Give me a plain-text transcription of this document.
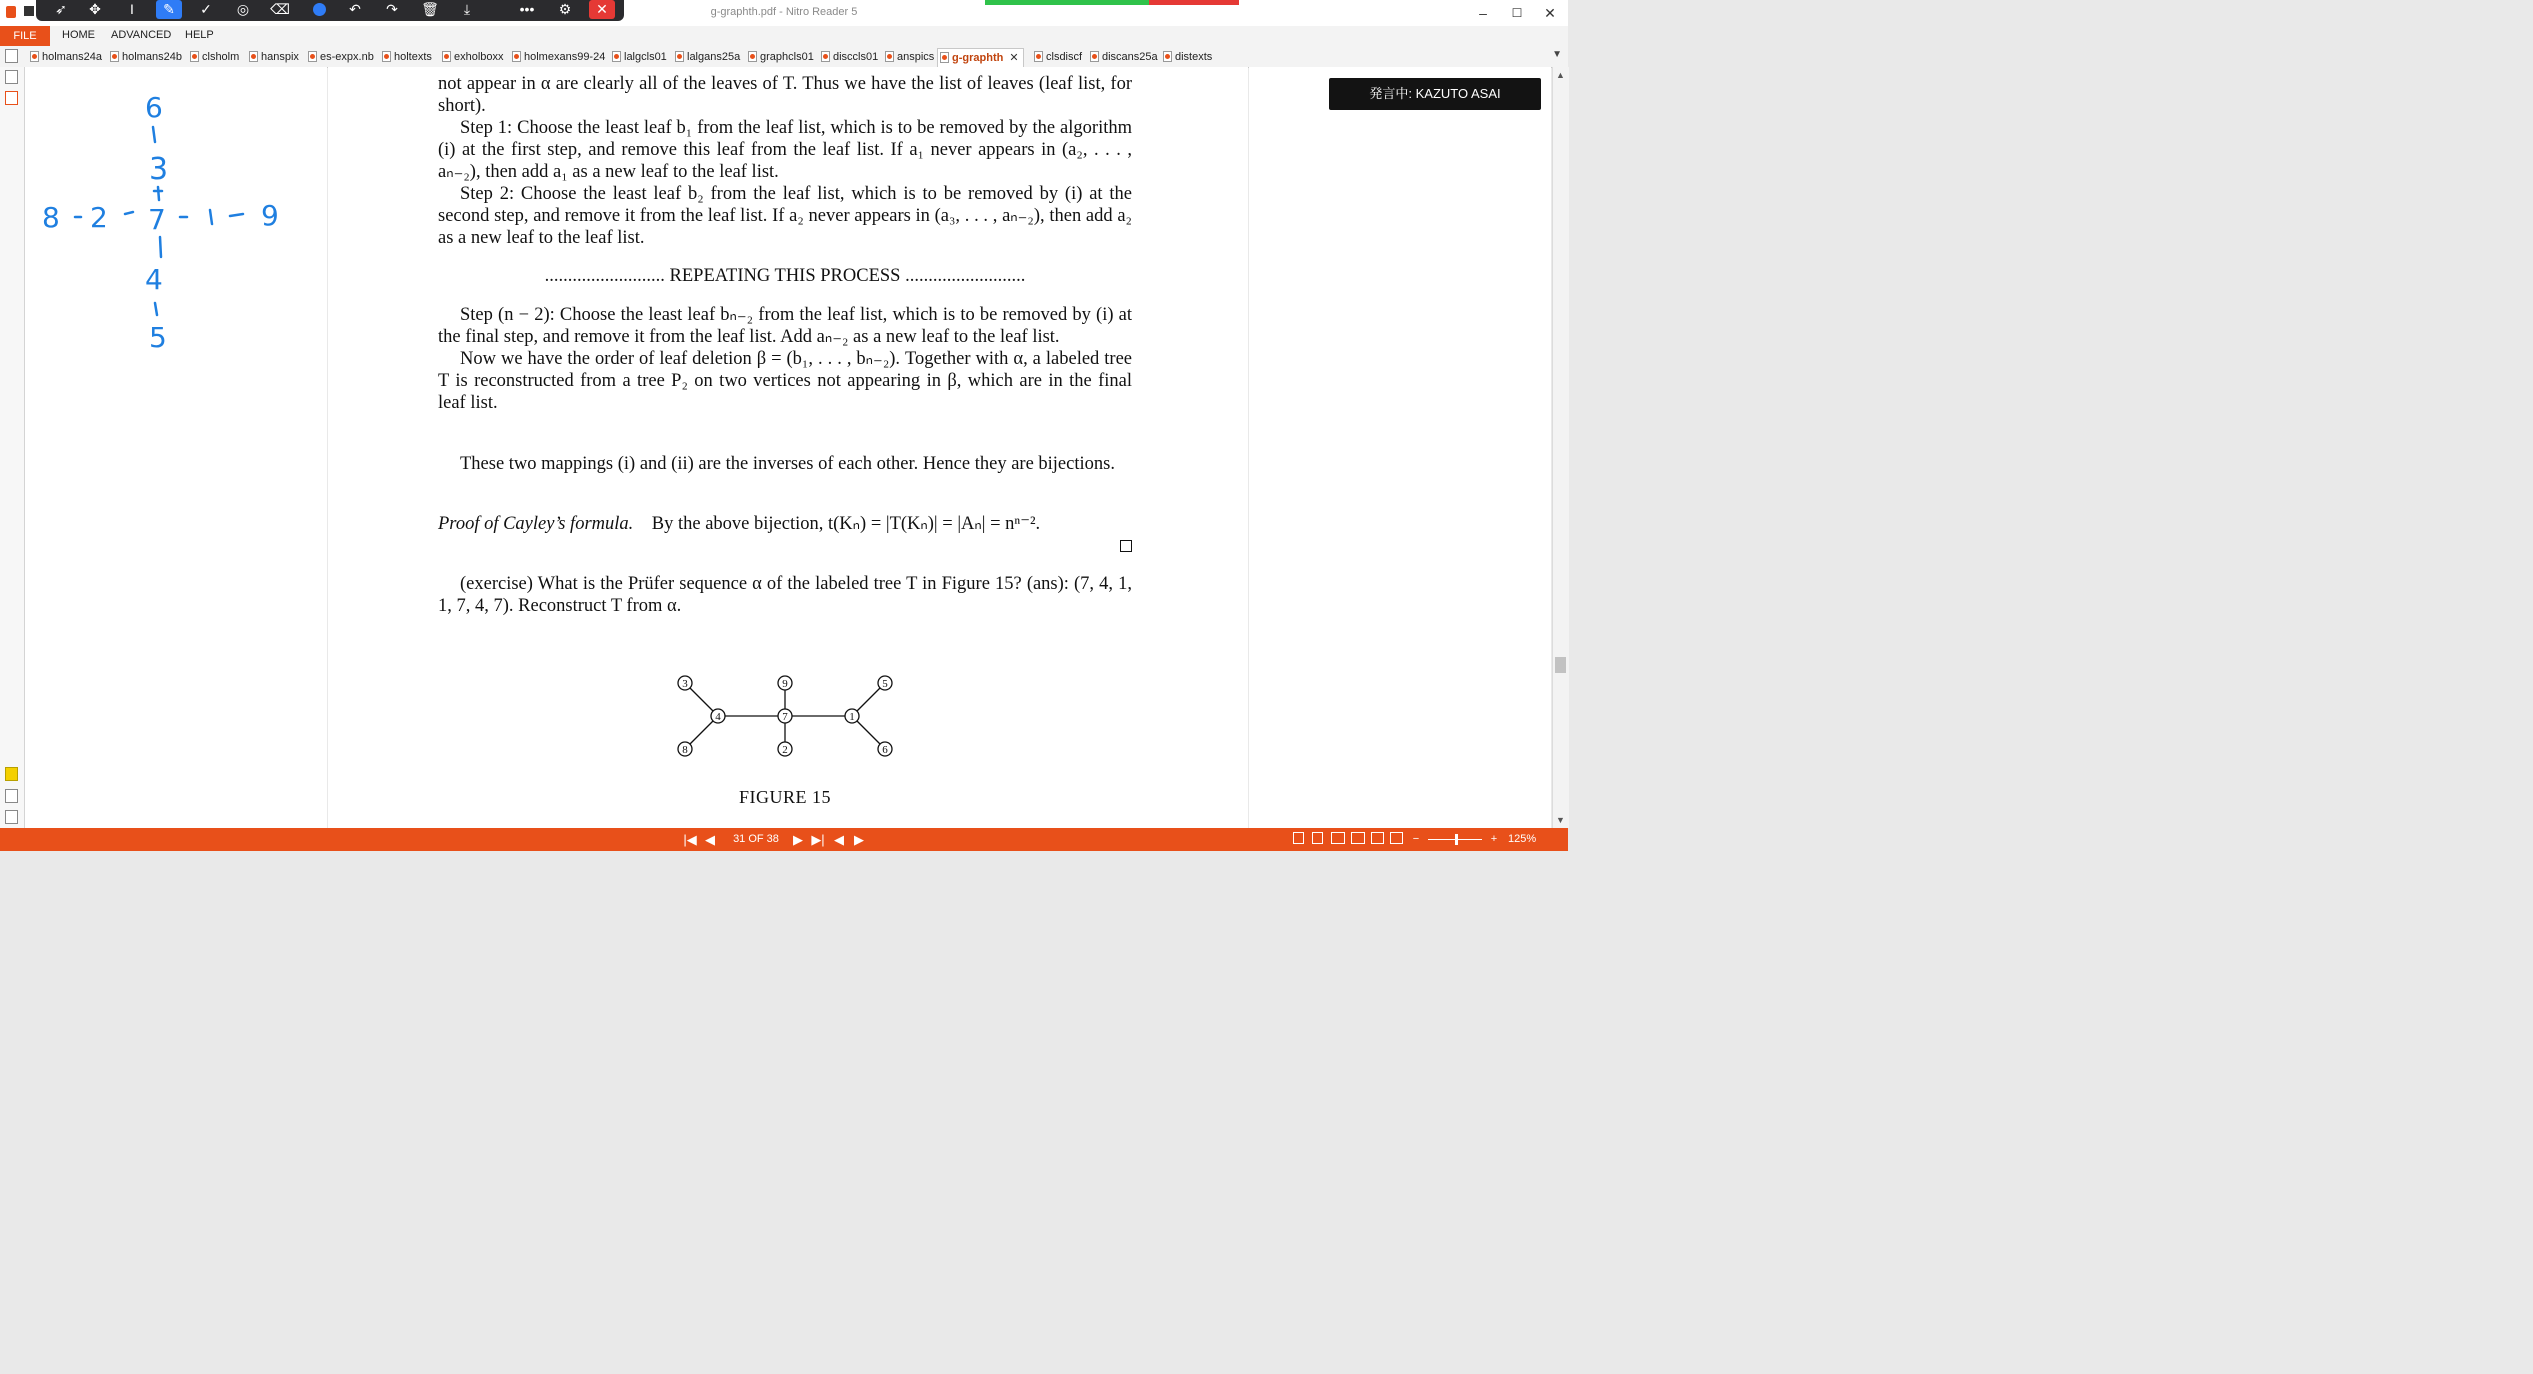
g-graphth.pdf - Nitro Reader 5	–	☐	✕
➶	✥	I	✎	✓	◎	⌫	↶	↷	🗑	⤓	•••	⚙	✕
FILE	HOME ADVANCED HELP
holmans24a	holmans24b	clsholm	hanspix	es-expx.nb	holtexts	exholboxx	holmexans99-24	lalgcls01	lalgans25a	graphcls01	disccls01	anspics	g-graphth ✕	clsdiscf	discans25a	distexts	▼
6
3
8 2 7	9
4
5

not appear in α are clearly all of the leaves of T. Thus we have the list of leaves (leaf list, for short).

Step 1: Choose the least leaf b₁ from the leaf list, which is to be removed by the algorithm (i) at the first step, and remove this leaf from the leaf list. If a₁ never appears in (a₂, . . . , aₙ₋₂), then add a₁ as a new leaf to the leaf list.

Step 2: Choose the least leaf b₂ from the leaf list, which is to be removed by (i) at the second step, and remove it from the leaf list. If a₂ never appears in (a₃, . . . , aₙ₋₂), then add a₂ as a new leaf to the leaf list.

.......................... REPEATING THIS PROCESS ..........................

Step (n − 2): Choose the least leaf bₙ₋₂ from the leaf list, which is to be removed by (i) at the final step, and remove it from the leaf list. Add aₙ₋₂ as a new leaf to the leaf list.

Now we have the order of leaf deletion β = (b₁, . . . , bₙ₋₂). Together with α, a labeled tree T is reconstructed from a tree P₂ on two vertices not appearing in β, which are in the final leaf list.

These two mappings (i) and (ii) are the inverses of each other. Hence they are bijections.

Proof of Cayley’s formula. By the above bijection, t(Kₙ) = |T(Kₙ)| = |Aₙ| = nⁿ⁻².

(exercise) What is the Prüfer sequence α of the labeled tree T in Figure 15? (ans): (7, 4, 1, 1, 7, 4, 7). Reconstruct T from α.

3
8
4
9
7
2
1
5
6
FIGURE 15
発言中: KAZUTO ASAI
▲
▼
|◀ ◀	31 OF 38	▶ ▶| ◀ ▶	−	+ 125%
